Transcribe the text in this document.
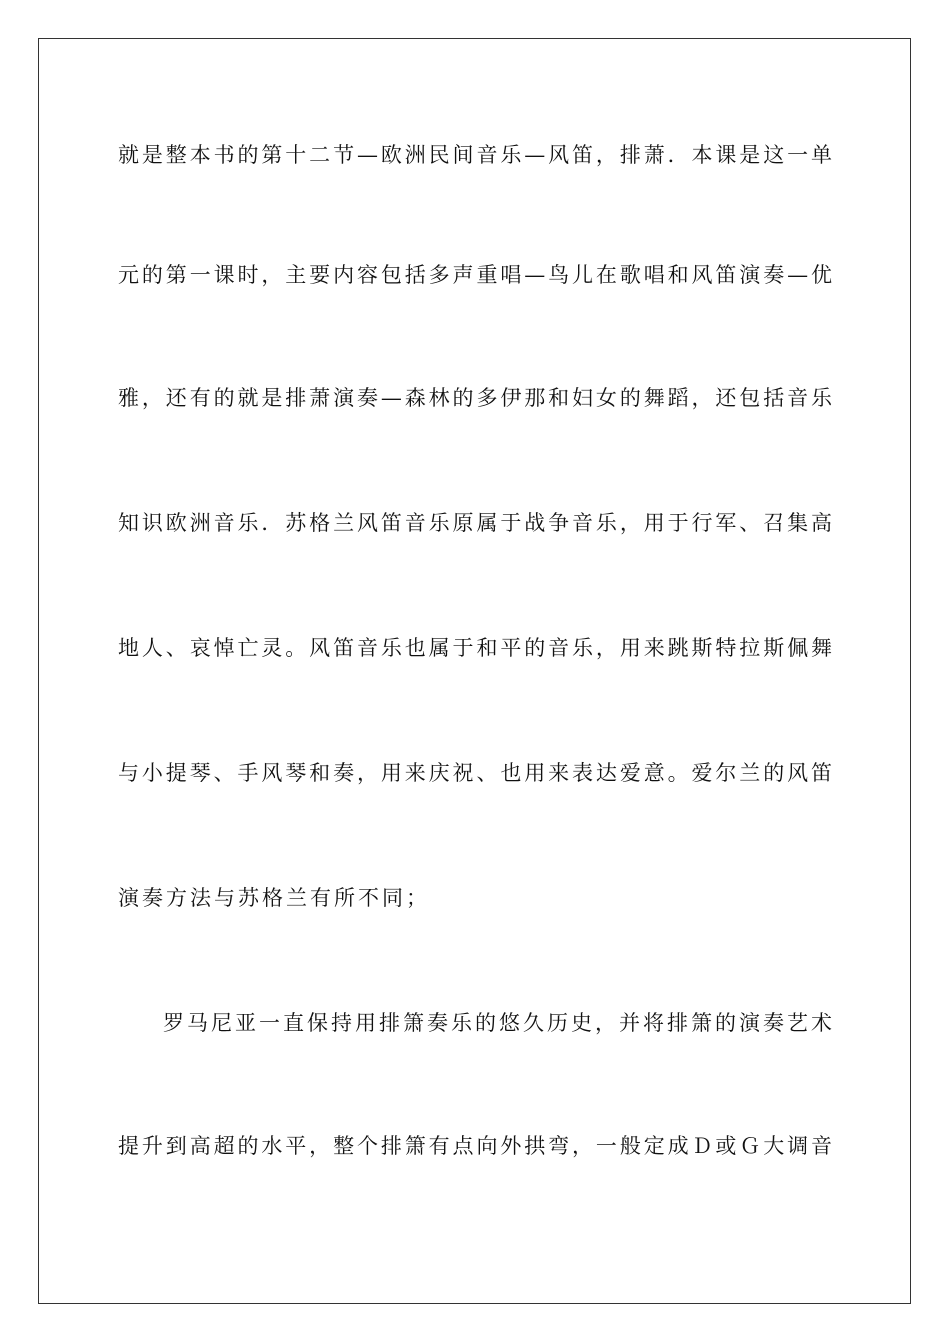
就是整本书的第十二节—欧洲民间音乐—风笛，排萧．本课是这一单
元的第一课时，主要内容包括多声重唱—鸟儿在歌唱和风笛演奏—优
雅，还有的就是排萧演奏—森林的多伊那和妇女的舞蹈，还包括音乐
知识欧洲音乐．苏格兰风笛音乐原属于战争音乐，用于行军、召集高
地人、哀悼亡灵。风笛音乐也属于和平的音乐，用来跳斯特拉斯佩舞
与小提琴、手风琴和奏，用来庆祝、也用来表达爱意。爱尔兰的风笛
演奏方法与苏格兰有所不同；
罗马尼亚一直保持用排箫奏乐的悠久历史，并将排箫的演奏艺术
提升到高超的水平，整个排箫有点向外拱弯，一般定成Ｄ或Ｇ大调音
